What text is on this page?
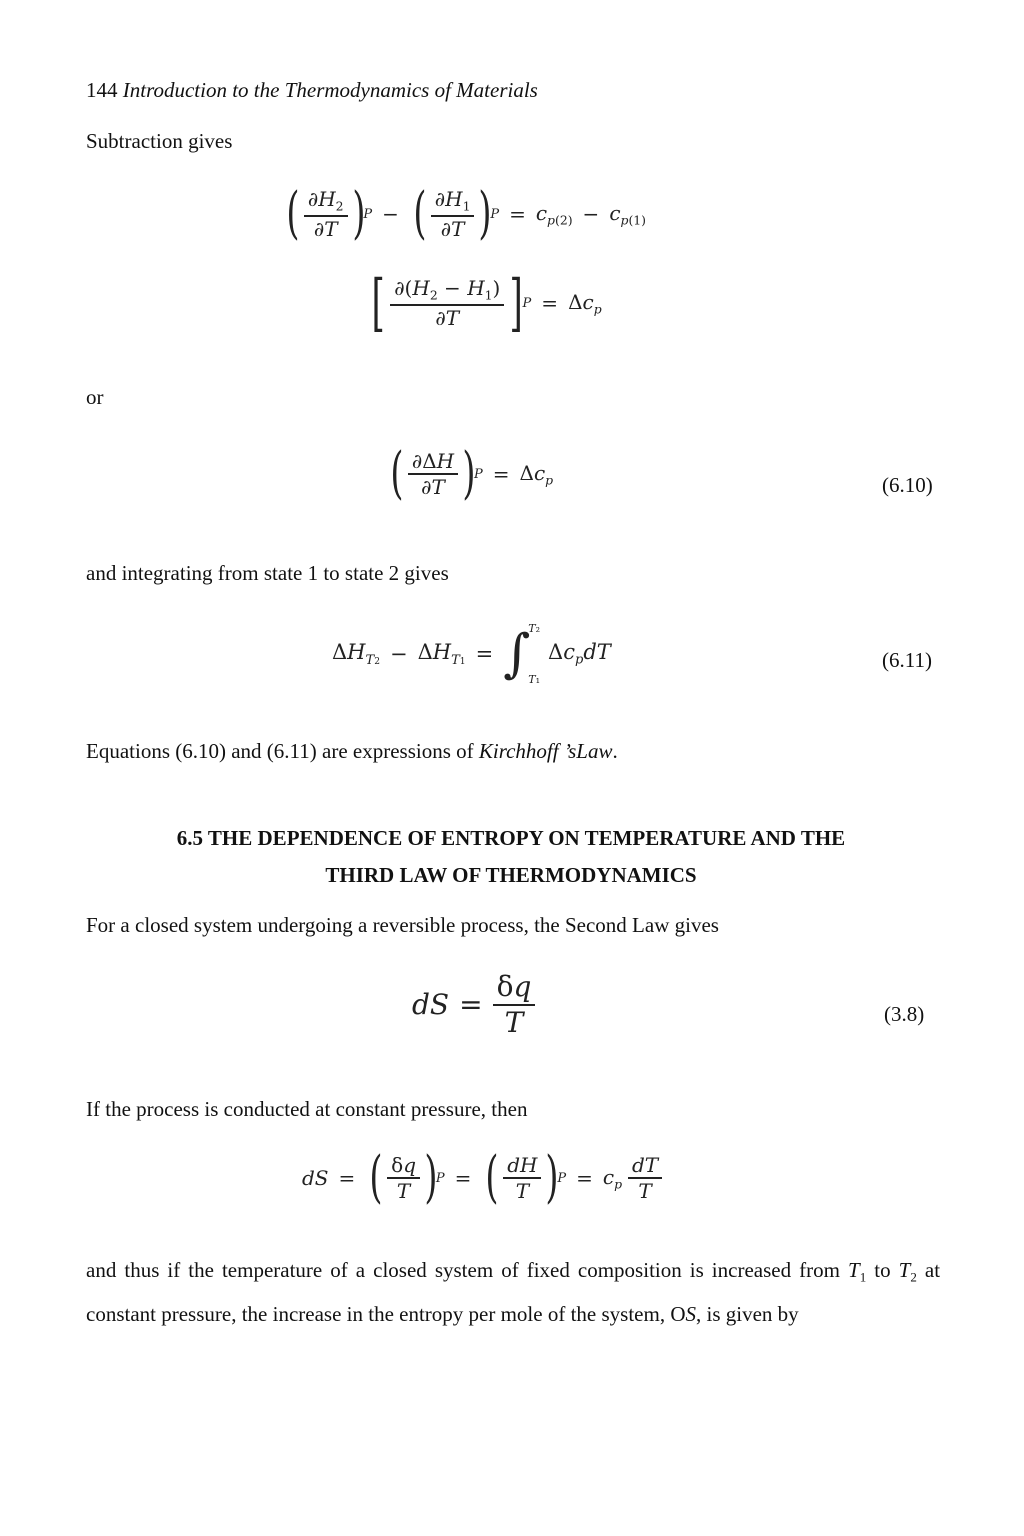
144 Introduction to the Thermodynamics of Materials
Subtraction gives
( $\frac{\partial H_2}{\partial T}$ )
P − ( $\frac{\partial H_1}{\partial T}$ )
$P = c_{p(2)} - c_{p(1)}$
[ $\frac{\partial(H_2 - H_1)}{\partial T}$ ] $P = \Delta c_p$
or
( $\frac{\partial\Delta H}{\partial T}$ )
$P = \Delta c_p$	(6.10)
and integrating from state 1 to state 2 gives
$\Delta H_{T2} - \Delta H_{T1}$ = ∫
T₂
T₁
$\Delta c_pdT$	(6.11)
Equations (6.10) and (6.11) are expressions of Kirchhoff ’sLaw.
6.5 THE DEPENDENCE OF ENTROPY ON TEMPERATURE AND THE
THIRD LAW OF THERMODYNAMICS
For a closed system undergoing a reversible process, the Second Law gives
dS = $\frac{\delta q}{T}$	(3.8)
If the process is conducted at constant pressure, then
dS = ( $\frac{\delta q}{T}$ )
P = ( $\frac{dH}{T}$ )
$P = c_p \frac{dT}{T}$
and thus if the temperature of a closed system of fixed composition is increased from $T_1$ to $T_2$ at constant pressure, the increase in the entropy per mole of the system, OS, is given by
